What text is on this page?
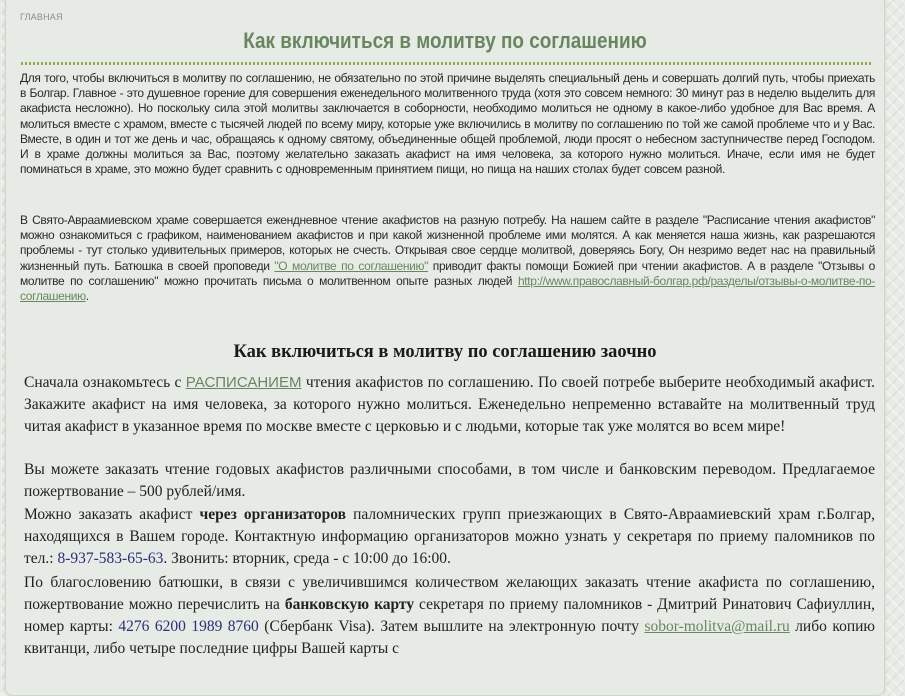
ГЛАВНАЯ
Как включиться в молитву по соглашению

Для того, чтобы включиться в молитву по соглашению, не обязательно по этой причине выделять специальный день и совершать долгий путь, чтобы приехать в Болгар. Главное - это душевное горение для совершения еженедельного молитвенного труда (хотя это совсем немного: 30 минут раз в неделю выделить для акафиста несложно). Но поскольку сила этой молитвы заключается в соборности, необходимо молиться не одному в какое-либо удобное для Вас время. А молиться вместе с храмом, вместе с тысячей людей по всему миру, которые уже включились в молитву по соглашению по той же самой проблеме что и у Вас. Вместе, в один и тот же день и час, обращаясь к одному святому, объединенные общей проблемой, люди просят о небесном заступничестве перед Господом. И в храме должны молиться за Вас, поэтому желательно заказать акафист на имя человека, за которого нужно молиться. Иначе, если имя не будет поминаться в храме, это можно будет сравнить с одновременным принятием пищи, но пища на наших столах будет совсем разной.

В Свято-Авраамиевском храме совершается ежендневное чтение акафистов на разную потребу. На нашем сайте в разделе "Расписание чтения акафистов" можно ознакомиться с графиком, наименованием акафистов и при какой жизненной проблеме ими молятся. А как меняется наша жизнь, как разрешаются проблемы - тут столько удивительных примеров, которых не счесть. Открывая свое сердце молитвой, доверяясь Богу, Он незримо ведет нас на правильный жизненный путь. Батюшка в своей проповеди "О молитве по соглашению" приводит факты помощи Божией при чтении акафистов. А в разделе "Отзывы о молитве по соглашению" можно прочитать письма о молитвенном опыте разных людей http://www.православный-болгар.рф/разделы/отзывы-о-молитве-по-соглашению.

Как включиться в молитву по соглашению заочно

Сначала ознакомьтесь с РАСПИСАНИЕМ чтения акафистов по соглашению. По своей потребе выберите необходимый акафист. Закажите акафист на имя человека, за которого нужно молиться. Еженедельно непременно вставайте на молитвенный труд читая акафист в указанное время по москве вместе с церковью и с людьми, которые так уже молятся во всем мире!

Вы можете заказать чтение годовых акафистов различными способами, в том числе и банковским переводом. Предлагаемое пожертвование – 500 рублей/имя.

Можно заказать акафист через организаторов паломнических групп приезжающих в Свято-Авраамиевский храм г.Болгар, находящихся в Вашем городе. Контактную информацию организаторов можно узнать у секретаря по приему паломников по тел.: 8-937-583-65-63. Звонить: вторник, среда - с 10:00 до 16:00.

По благословению батюшки, в связи с увеличившимся количеством желающих заказать чтение акафиста по соглашению, пожертвование можно перечислить на банковскую карту секретаря по приему паломников - Дмитрий Ринатович Сафиуллин, номер карты: 4276 6200 1989 8760 (Сбербанк Visa). Затем вышлите на электронную почту sobor-molitva@mail.ru либо копию квитанци, либо четыре последние цифры Вашей карты с
